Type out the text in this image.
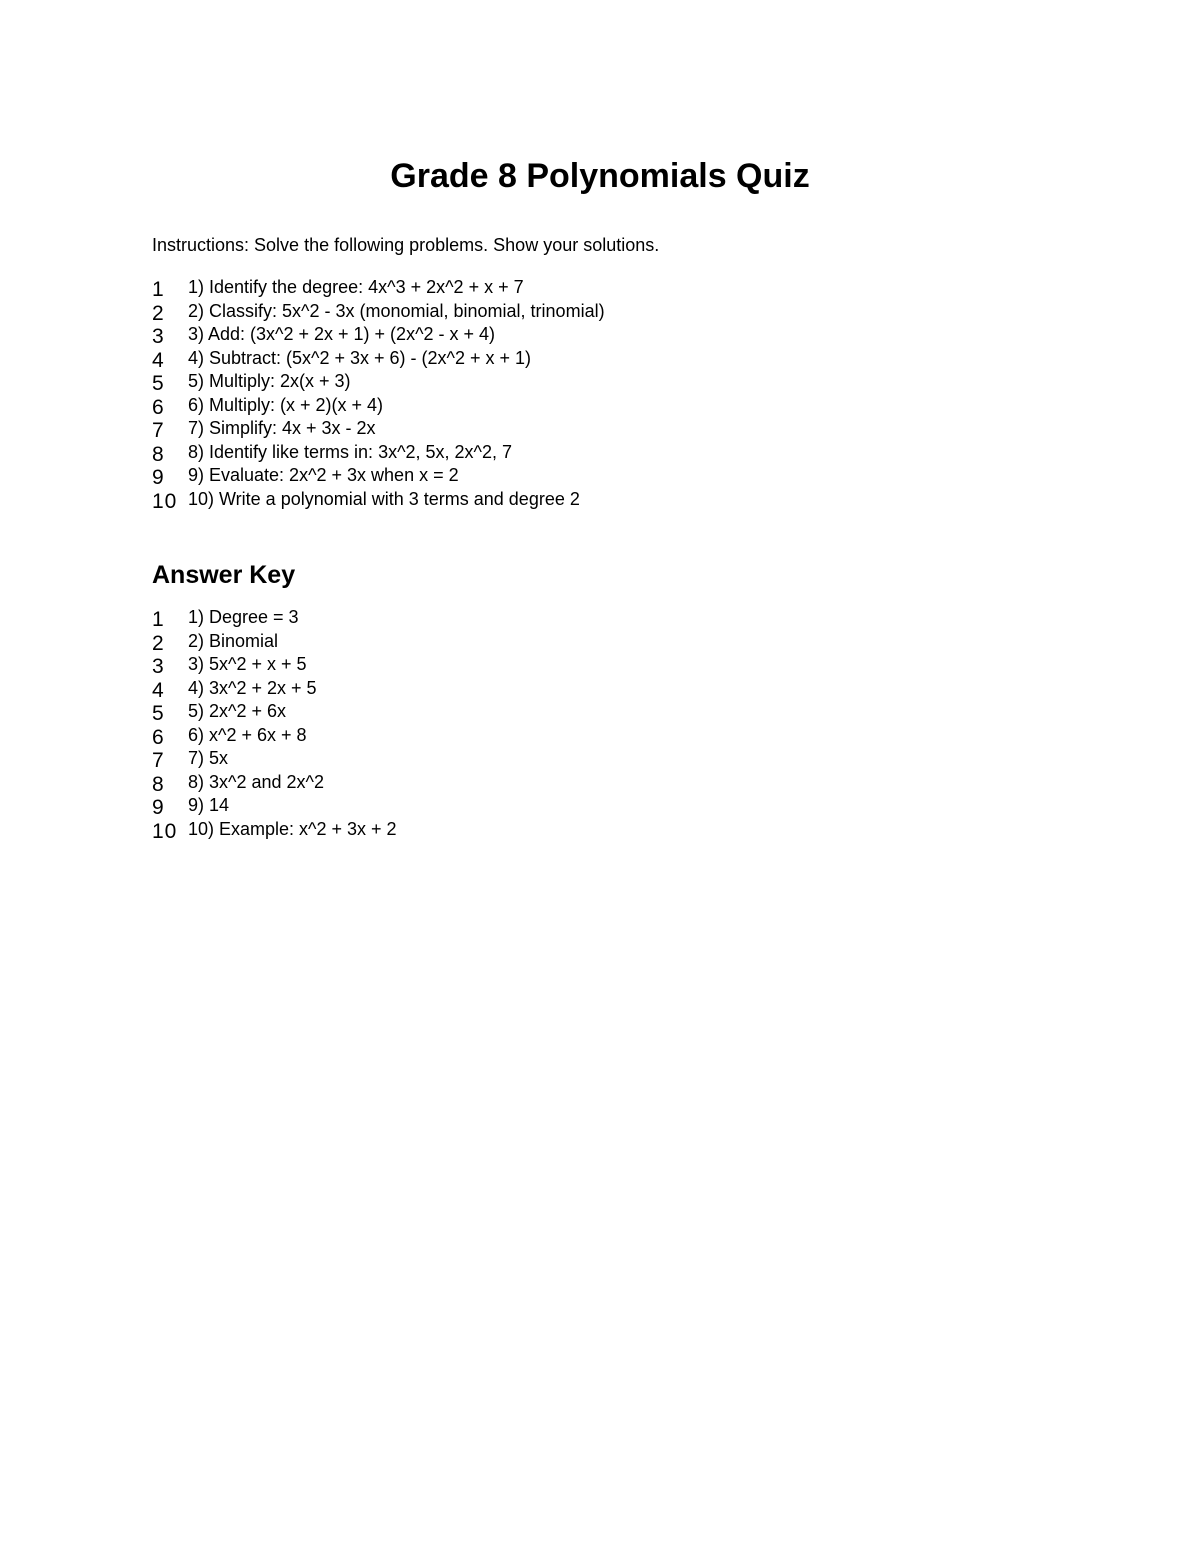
Grade 8 Polynomials Quiz

Instructions: Solve the following problems. Show your solutions.

1	1) Identify the degree: 4x^3 + 2x^2 + x + 7
2	2) Classify: 5x^2 - 3x (monomial, binomial, trinomial)
3	3) Add: (3x^2 + 2x + 1) + (2x^2 - x + 4)
4	4) Subtract: (5x^2 + 3x + 6) - (2x^2 + x + 1)
5	5) Multiply: 2x(x + 3)
6	6) Multiply: (x + 2)(x + 4)
7	7) Simplify: 4x + 3x - 2x
8	8) Identify like terms in: 3x^2, 5x, 2x^2, 7
9	9) Evaluate: 2x^2 + 3x when x = 2
10 10) Write a polynomial with 3 terms and degree 2
Answer Key
1	1) Degree = 3
2	2) Binomial
3	3) 5x^2 + x + 5
4	4) 3x^2 + 2x + 5
5	5) 2x^2 + 6x
6	6) x^2 + 6x + 8
7	7) 5x
8	8) 3x^2 and 2x^2
9	9) 14
10 10) Example: x^2 + 3x + 2
